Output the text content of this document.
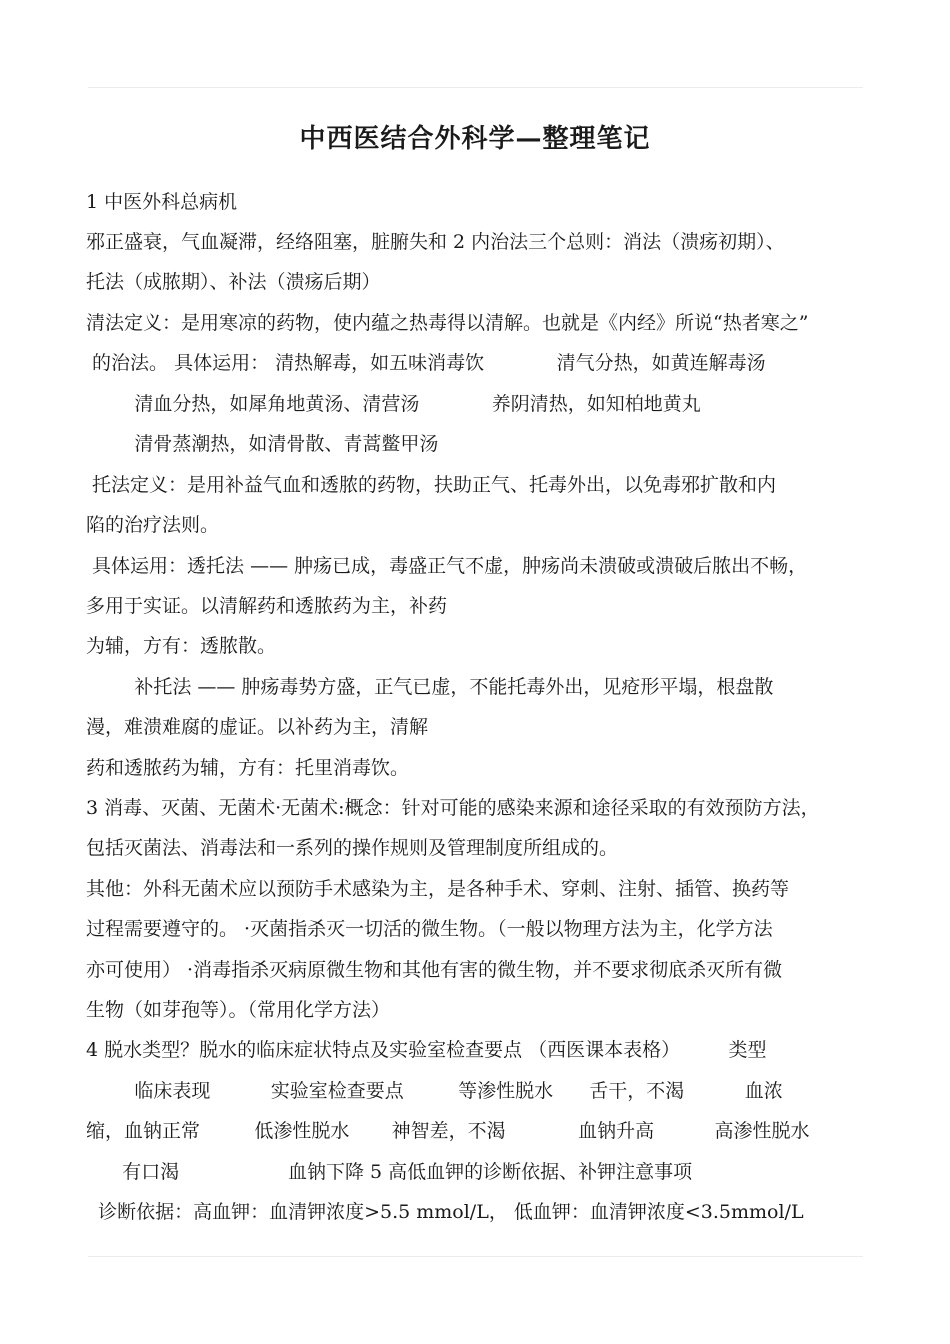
中西医结合外科学—整理笔记
1 中医外科总病机
邪正盛衰，气血凝滞，经络阻塞，脏腑失和 2 内治法三个总则：消法（溃疡初期）、
托法（成脓期）、补法（溃疡后期）
清法定义：是用寒凉的药物，使内蕴之热毒得以清解。也就是《内经》所说“热者寒之”
的治法。 具体运用： 清热解毒，如五味消毒饮            清气分热，如黄连解毒汤
清血分热，如犀角地黄汤、清营汤            养阴清热，如知柏地黄丸
清骨蒸潮热，如清骨散、青蒿鳖甲汤
托法定义：是用补益气血和透脓的药物，扶助正气、托毒外出，以免毒邪扩散和内
陷的治疗法则。
具体运用：透托法 —— 肿疡已成，毒盛正气不虚，肿疡尚未溃破或溃破后脓出不畅，
多用于实证。以清解药和透脓药为主，补药
为辅，方有：透脓散。
补托法 —— 肿疡毒势方盛，正气已虚，不能托毒外出，见疮形平塌，根盘散
漫，难溃难腐的虚证。以补药为主，清解
药和透脓药为辅，方有：托里消毒饮。
3 消毒、灭菌、无菌术·无菌术:概念：针对可能的感染来源和途径采取的有效预防方法，
包括灭菌法、消毒法和一系列的操作规则及管理制度所组成的。
其他：外科无菌术应以预防手术感染为主，是各种手术、穿刺、注射、插管、换药等
过程需要遵守的。 ·灭菌指杀灭一切活的微生物。（一般以物理方法为主，化学方法
亦可使用） ·消毒指杀灭病原微生物和其他有害的微生物，并不要求彻底杀灭所有微
生物（如芽孢等）。（常用化学方法）
4 脱水类型？脱水的临床症状特点及实验室检查要点 （西医课本表格）        类型
临床表现          实验室检查要点         等渗性脱水      舌干，不渴          血浓
缩，血钠正常         低渗性脱水       神智差，不渴            血钠升高          高渗性脱水
有口渴                  血钠下降 5 高低血钾的诊断依据、补钾注意事项
诊断依据：高血钾：血清钾浓度>5.5 mmol/L， 低血钾：血清钾浓度<3.5mmol/L
